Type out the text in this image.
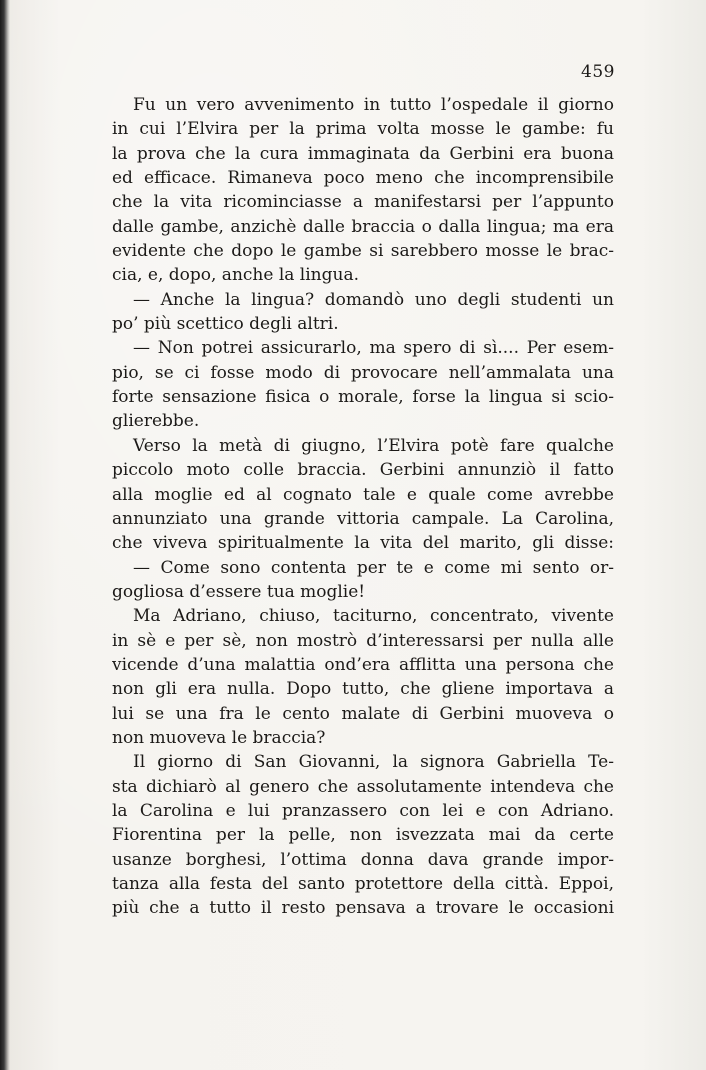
459
Fu un vero avvenimento in tutto l’ospedale il giorno
in cui l’Elvira per la prima volta mosse le gambe: fu
la prova che la cura immaginata da Gerbini era buona
ed efficace. Rimaneva poco meno che incomprensibile
che la vita ricominciasse a manifestarsi per l’appunto
dalle gambe, anzichè dalle braccia o dalla lingua; ma era
evidente che dopo le gambe si sarebbero mosse le brac-
cia, e, dopo, anche la lingua.
— Anche la lingua? domandò uno degli studenti un
po’ più scettico degli altri.
— Non potrei assicurarlo, ma spero di sì.... Per esem-
pio, se ci fosse modo di provocare nell’ammalata una
forte sensazione fisica o morale, forse la lingua si scio-
glierebbe.
Verso la metà di giugno, l’Elvira potè fare qualche
piccolo moto colle braccia. Gerbini annunziò il fatto
alla moglie ed al cognato tale e quale come avrebbe
annunziato una grande vittoria campale. La Carolina,
che viveva spiritualmente la vita del marito, gli disse:
— Come sono contenta per te e come mi sento or-
gogliosa d’essere tua moglie!
Ma Adriano, chiuso, taciturno, concentrato, vivente
in sè e per sè, non mostrò d’interessarsi per nulla alle
vicende d’una malattia ond’era afflitta una persona che
non gli era nulla. Dopo tutto, che gliene importava a
lui se una fra le cento malate di Gerbini muoveva o
non muoveva le braccia?
Il giorno di San Giovanni, la signora Gabriella Te-
sta dichiarò al genero che assolutamente intendeva che
la Carolina e lui pranzassero con lei e con Adriano.
Fiorentina per la pelle, non isvezzata mai da certe
usanze borghesi, l’ottima donna dava grande impor-
tanza alla festa del santo protettore della città. Eppoi,
più che a tutto il resto pensava a trovare le occasioni
